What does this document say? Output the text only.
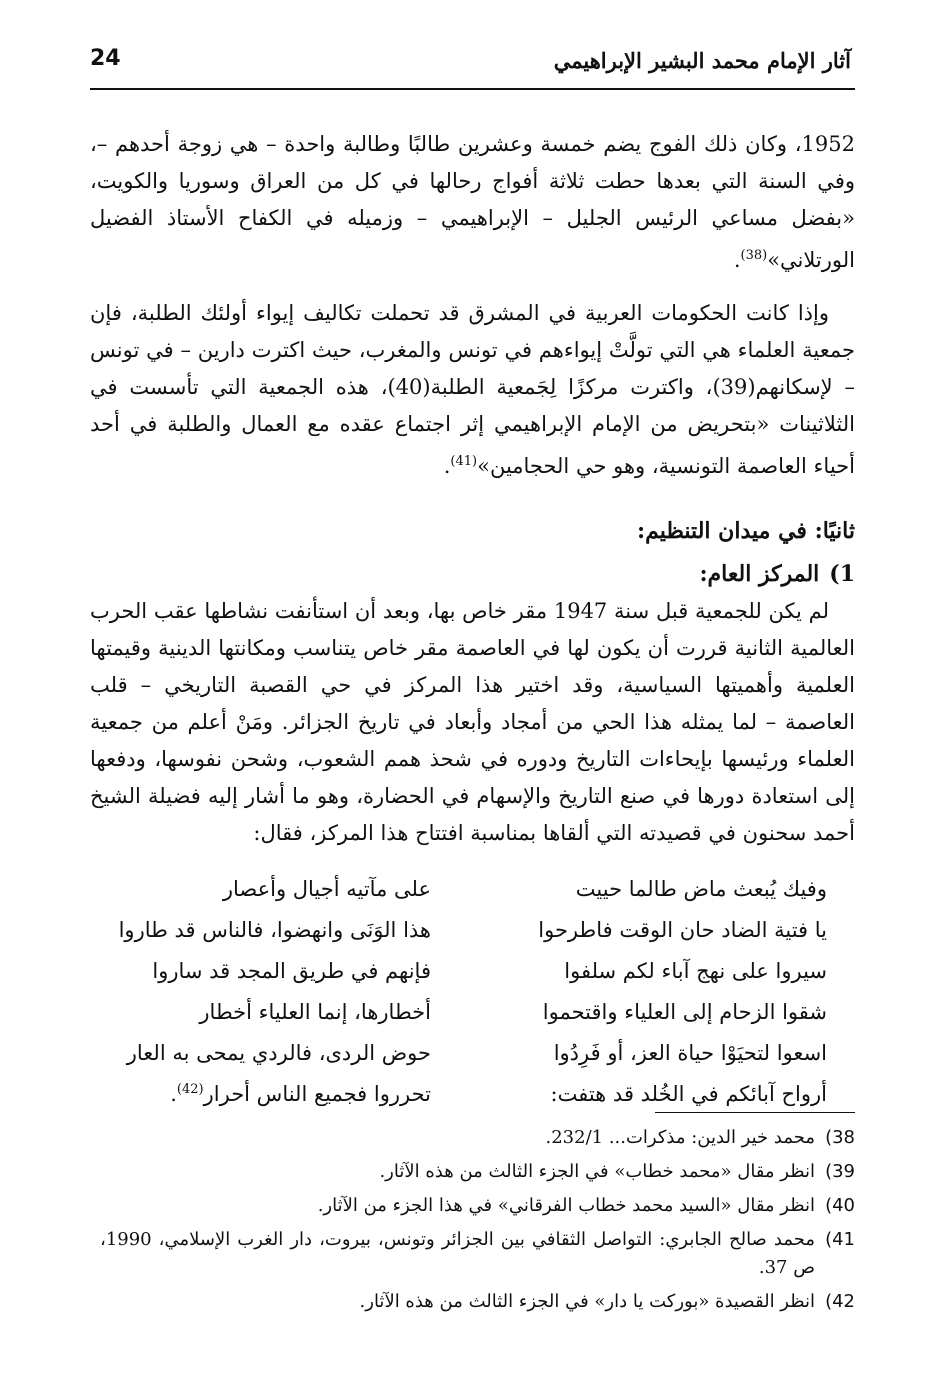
24	آثار الإمام محمد البشير الإبراهيمي

1952، وكان ذلك الفوج يضم خمسة وعشرين طالبًا وطالبة واحدة – هي زوجة أحدهم –، وفي السنة التي بعدها حطت ثلاثة أفواج رحالها في كل من العراق وسوريا والكويت، «بفضل مساعي الرئيس الجليل – الإبراهيمي – وزميله في الكفاح الأستاذ الفضيل الورتلاني»$^{(38)}$.

وإذا كانت الحكومات العربية في المشرق قد تحملت تكاليف إيواء أولئك الطلبة، فإن جمعية العلماء هي التي تولَّتْ إيواءهم في تونس والمغرب، حيث اكترت دارين – في تونس – لإسكانهم(39)، واكترت مركزًا لِجَمعية الطلبة(40)، هذه الجمعية التي تأسست في الثلاثينات «بتحريض من الإمام الإبراهيمي إثر اجتماع عقده مع العمال والطلبة في أحد أحياء العاصمة التونسية، وهو حي الحجامين»$^{(41)}$.

ثانيًا: في ميدان التنظيم:
1)المركز العام:

لم يكن للجمعية قبل سنة 1947 مقر خاص بها، وبعد أن استأنفت نشاطها عقب الحرب العالمية الثانية قررت أن يكون لها في العاصمة مقر خاص يتناسب ومكانتها الدينية وقيمتها العلمية وأهميتها السياسية، وقد اختير هذا المركز في حي القصبة التاريخي – قلب العاصمة – لما يمثله هذا الحي من أمجاد وأبعاد في تاريخ الجزائر. ومَنْ أعلم من جمعية العلماء ورئيسها بإيحاءات التاريخ ودوره في شحذ همم الشعوب، وشحن نفوسها، ودفعها إلى استعادة دورها في صنع التاريخ والإسهام في الحضارة، وهو ما أشار إليه فضيلة الشيخ أحمد سحنون في قصيدته التي ألقاها بمناسبة افتتاح هذا المركز، فقال:

وفيك يُبعث ماض طالما حييت
على مآتيه أجيال وأعصار
يا فتية الضاد حان الوقت فاطرحوا
هذا الوَنَى وانهضوا، فالناس قد طاروا
سيروا على نهج آباء لكم سلفوا
فإنهم في طريق المجد قد ساروا
شقوا الزحام إلى العلياء واقتحموا
أخطارها، إنما العلياء أخطار
اسعوا لتحيَوْا حياة العز، أو فَرِدُوا
حوض الردى، فالردي يمحى به العار
أرواح آبائكم في الخُلد قد هتفت:
تحرروا فجميع الناس أحرار$^{(42)}$.
38)
محمد خير الدين: مذكرات... 232/1.
39)
انظر مقال «محمد خطاب» في الجزء الثالث من هذه الآثار.
40)
انظر مقال «السيد محمد خطاب الفرقاني» في هذا الجزء من الآثار.
41)
محمد صالح الجابري: التواصل الثقافي بين الجزائر وتونس، بيروت، دار الغرب الإسلامي، 1990، ص 37.
42)
انظر القصيدة «بوركت يا دار» في الجزء الثالث من هذه الآثار.
